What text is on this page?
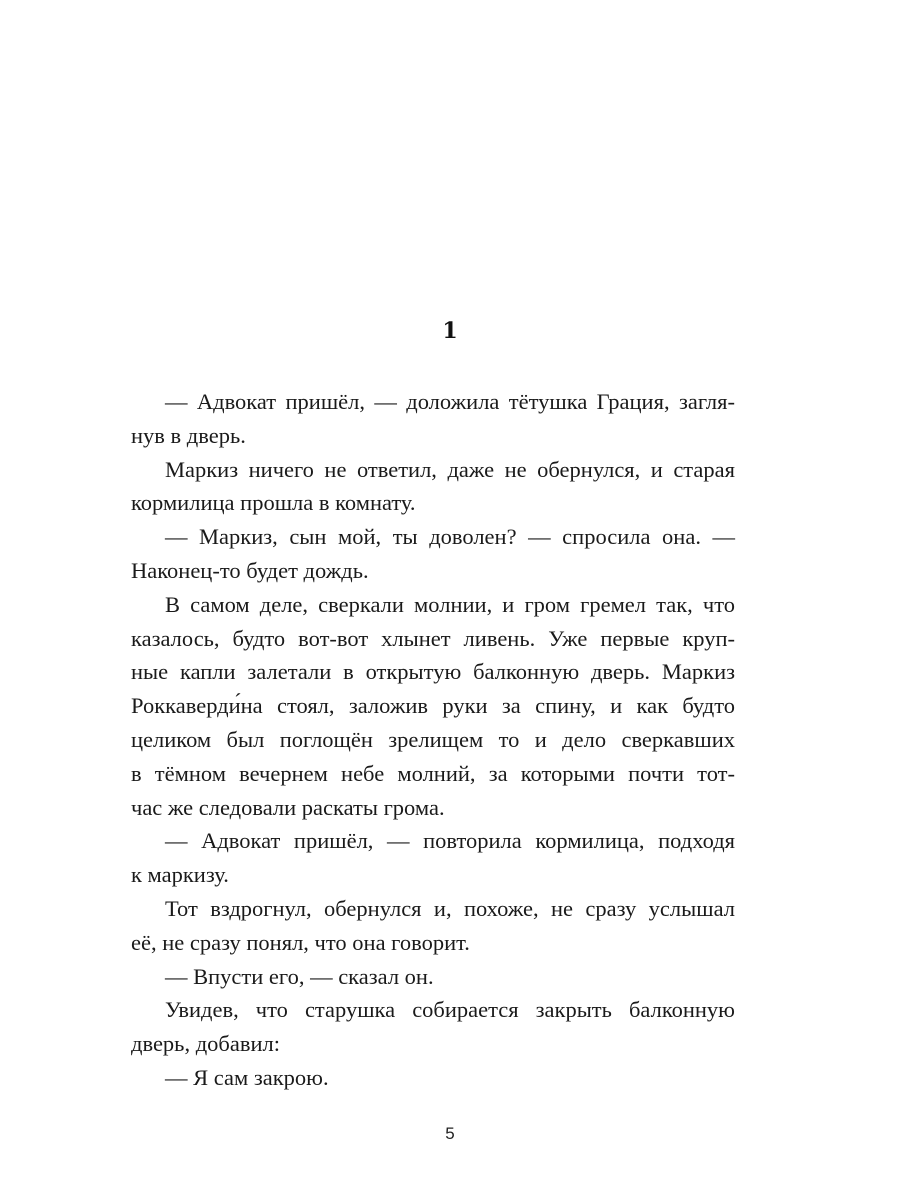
1
— Адвокат пришёл, — доложила тётушка Грация, загля-
нув в дверь.
Маркиз ничего не ответил, даже не обернулся, и старая
кормилица прошла в комнату.
— Маркиз, сын мой, ты доволен? — спросила она. —
Наконец-то будет дождь.
В самом деле, сверкали молнии, и гром гремел так, что
казалось, будто вот-вот хлынет ливень. Уже первые круп-
ные капли залетали в открытую балконную дверь. Маркиз
Роккаверди́на стоял, заложив руки за спину, и как будто
целиком был поглощён зрелищем то и дело сверкавших
в тёмном вечернем небе молний, за которыми почти тот-
час же следовали раскаты грома.
— Адвокат пришёл, — повторила кормилица, подходя
к маркизу.
Тот вздрогнул, обернулся и, похоже, не сразу услышал
её, не сразу понял, что она говорит.
— Впусти его, — сказал он.
Увидев, что старушка собирается закрыть балконную
дверь, добавил:
— Я сам закрою.
5
